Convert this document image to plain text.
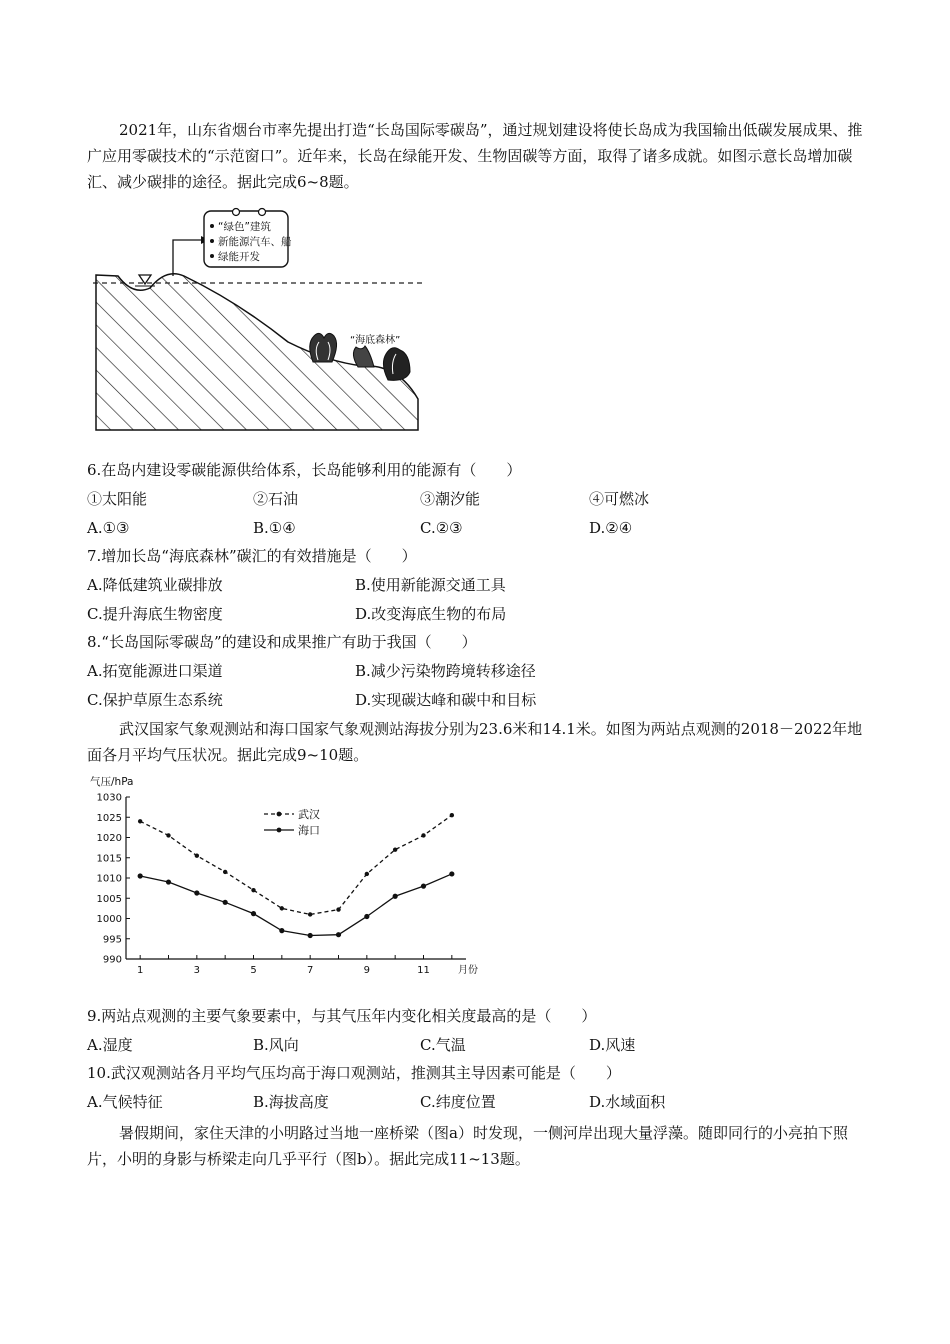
2021年，山东省烟台市率先提出打造“长岛国际零碳岛”，通过规划建设将使长岛成为我国输出低碳发展成果、推广应用零碳技术的“示范窗口”。近年来，长岛在绿能开发、生物固碳等方面，取得了诸多成就。如图示意长岛增加碳汇、减少碳排的途径。据此完成6~8题。
“绿色”建筑
新能源汽车、船
绿能开发
“海底森林”
6.在岛内建设零碳能源供给体系，长岛能够利用的能源有（　　）
①太阳能	②石油	③潮汐能	④可燃冰
A.①③	B.①④	C.②③	D.②④
7.增加长岛“海底森林”碳汇的有效措施是（　　）
A.降低建筑业碳排放	B.使用新能源交通工具
C.提升海底生物密度	D.改变海底生物的布局
8.“长岛国际零碳岛”的建设和成果推广有助于我国（　　）
A.拓宽能源进口渠道	B.减少污染物跨境转移途径
C.保护草原生态系统	D.实现碳达峰和碳中和目标
武汉国家气象观测站和海口国家气象观测站海拔分别为23.6米和14.1米。如图为两站点观测的2018－2022年地面各月平均气压状况。据此完成9~10题。
气压/hPa
990
995
1000
1005
1010
1015
1020
1025
1030
1	3	5	7	9	11	月份
武汉
海口
9.两站点观测的主要气象要素中，与其气压年内变化相关度最高的是（　　）
A.湿度	B.风向	C.气温	D.风速
10.武汉观测站各月平均气压均高于海口观测站，推测其主导因素可能是（　　）
A.气候特征	B.海拔高度	C.纬度位置	D.水域面积
暑假期间，家住天津的小明路过当地一座桥梁（图a）时发现，一侧河岸出现大量浮藻。随即同行的小亮拍下照片，小明的身影与桥梁走向几乎平行（图b）。据此完成11~13题。
